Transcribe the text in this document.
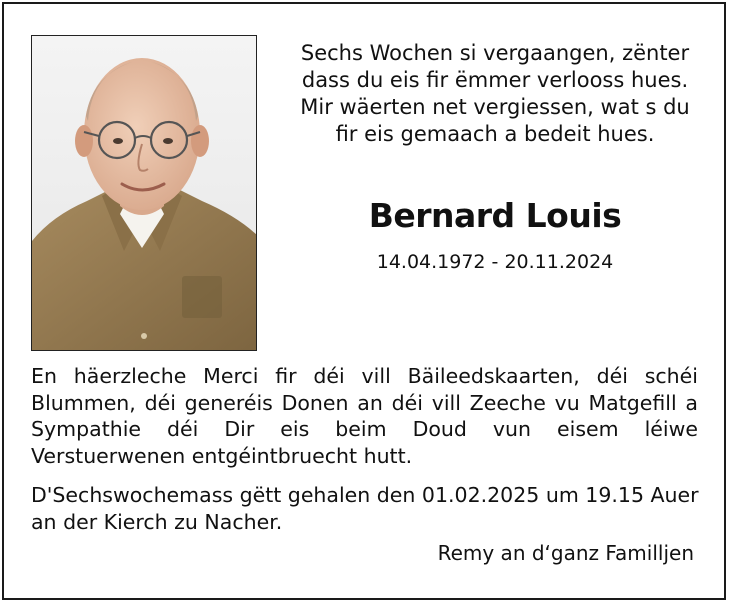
Sechs Wochen si vergaangen, zënter
dass du eis fir ëmmer verlooss hues.
Mir wäerten net vergiessen, wat s du
fir eis gemaach a bedeit hues.
Bernard Louis
14.04.1972 - 20.11.2024
En häerzleche Merci fir déi vill Bäileedskaarten, déi schéi
Blummen, déi generéis Donen an déi vill Zeeche vu Matgefill a
Sympathie déi Dir eis beim Doud vun eisem léiwe
Verstuerwenen entgéintbruecht hutt.
D'Sechswochemass gëtt gehalen den 01.02.2025 um 19.15 Auer
an der Kierch zu Nacher.
Remy an d‘ganz Familljen
